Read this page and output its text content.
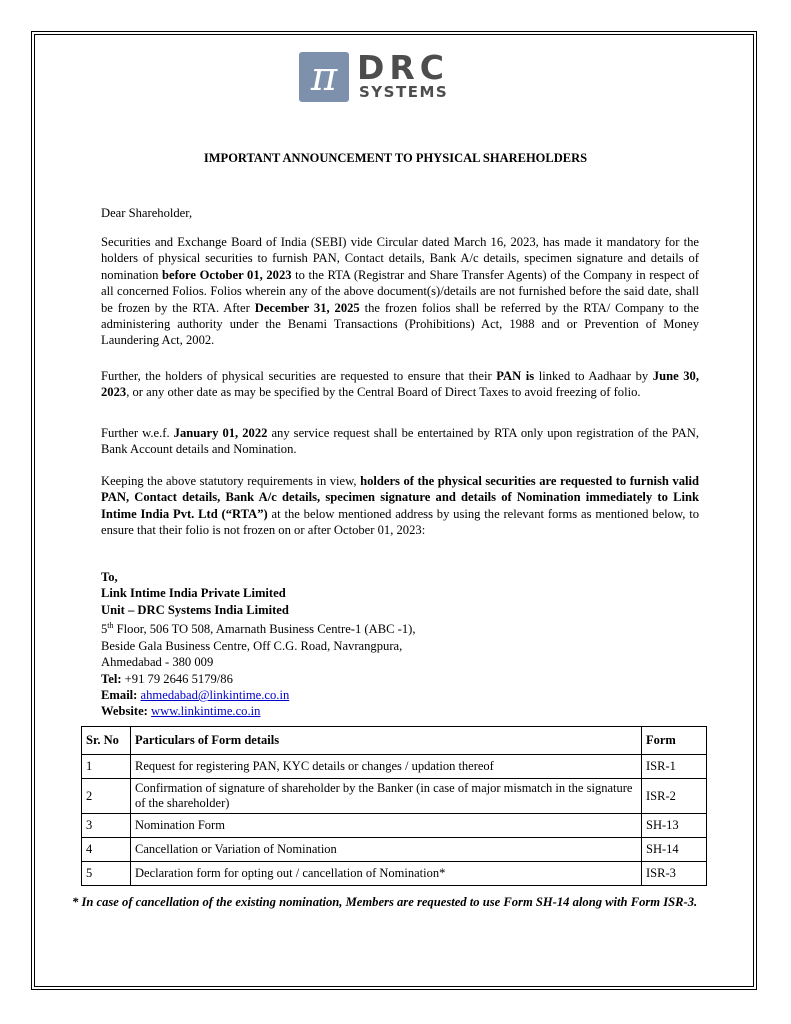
π DRC
SYSTEMS
IMPORTANT ANNOUNCEMENT TO PHYSICAL SHAREHOLDERS
Dear Shareholder,

Securities and Exchange Board of India (SEBI) vide Circular dated March 16, 2023, has made it mandatory for the holders of physical securities to furnish PAN, Contact details, Bank A/c details, specimen signature and details of nomination before October 01, 2023 to the RTA (Registrar and Share Transfer Agents) of the Company in respect of all concerned Folios. Folios wherein any of the above document(s)/details are not furnished before the said date, shall be frozen by the RTA. After December 31, 2025 the frozen folios shall be referred by the RTA/ Company to the administering authority under the Benami Transactions (Prohibitions) Act, 1988 and or Prevention of Money Laundering Act, 2002.

Further, the holders of physical securities are requested to ensure that their PAN is linked to Aadhaar by June 30, 2023, or any other date as may be specified by the Central Board of Direct Taxes to avoid freezing of folio.

Further w.e.f. January 01, 2022 any service request shall be entertained by RTA only upon registration of the PAN, Bank Account details and Nomination.

Keeping the above statutory requirements in view, holders of the physical securities are requested to furnish valid PAN, Contact details, Bank A/c details, specimen signature and details of Nomination immediately to Link Intime India Pvt. Ltd (“RTA”) at the below mentioned address by using the relevant forms as mentioned below, to ensure that their folio is not frozen on or after October 01, 2023:

To,
Link Intime India Private Limited
Unit – DRC Systems India Limited
5th Floor, 506 TO 508, Amarnath Business Centre-1 (ABC -1),
Beside Gala Business Centre, Off C.G. Road, Navrangpura,
Ahmedabad - 380 009
Tel: +91 79 2646 5179/86
Email: ahmedabad@linkintime.co.in
Website: www.linkintime.co.in
Sr. No	Particulars of Form details	Form
1	Request for registering PAN, KYC details or changes / updation thereof	ISR-1
2	Confirmation of signature of shareholder by the Banker (in case of major mismatch in the signature of the shareholder)	ISR-2
3	Nomination Form	SH-13
4	Cancellation or Variation of Nomination	SH-14
5	Declaration form for opting out / cancellation of Nomination*	ISR-3
* In case of cancellation of the existing nomination, Members are requested to use Form SH-14 along with Form ISR-3.
